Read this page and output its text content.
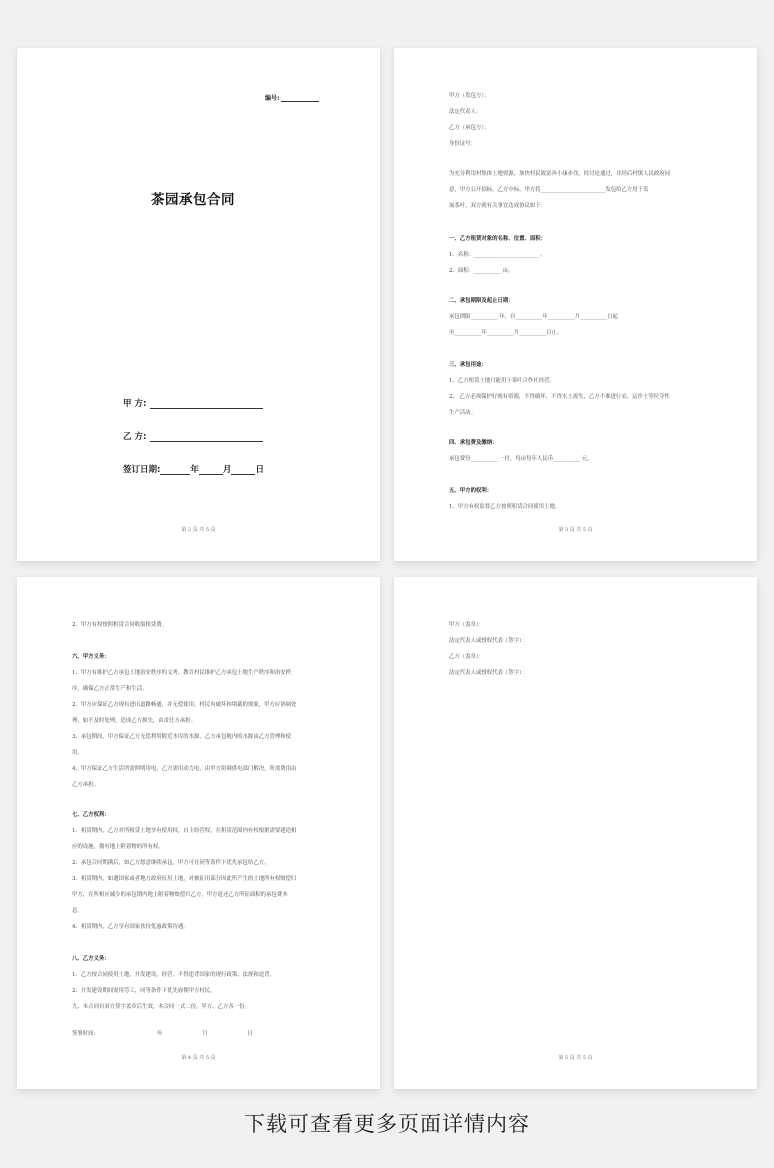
编号:
茶园承包合同
甲 方:
乙 方:
签订日期:	年	月	日
第 2 页 共 5 页
甲方（发包方）：
法定代表人：
乙方（承包方）：
身份证号：
为充分利用村集体土地资源，加快村民致富奔小康步伐，经讨论通过，并经后村镇人民政府同
意，甲方公开招标，乙方中标，甲方将________________________发包给乙方用于发
展茶叶，双方就有关事宜达成协议如下：
一、乙方租赁对象的名称、位置、面积：
1、名称：________________________ 。
2、面积：__________ 亩。
二、承包期限及起止日期：
承包期限__________ 年，自__________年__________月__________日起
至__________年__________月__________日止。
三、承包用途：
1、乙方租赁土地只能用于茶叶合作社经营。
2、 乙方必须保护好现有资源，不得破坏，不得水土流失，乙方不准进行采、运沙土等拉夺性
生产活动。
四、承包费及缴纳：
承包费每__________ 一付，每亩每年人民币__________ 元。
五、甲方的权利：
1、甲方有权监督乙方按照租赁合同使用土地。
第 3 页 共 5 页
2、甲方有权按照租赁合同收取租赁费。
六、甲方义务：
1、甲方有维护乙方承包土地治安秩序的义务，教育村民维护乙方承包土地生产秩序和治安秩
序，确保乙方正常生产和生活。
2、甲方应保证乙方现有进出道路畅通，并无偿使用。村民有破坏和堵截的现象，甲方应协调处
理，如不及时处理，造成乙方损失，由责任方承担。
3、承包期间，甲方保证乙方无偿利用附近水库的水源，乙方承包地内的水源由乙方管理和使
用。
4、甲方保证乙方生活所需照明用电，乙方需用动力电，由甲方协调供电部门解决，所需费用由
乙方承担。
七、乙方权利：
1、租赁期内，乙方对所租赁土地享有使用权，自主经营权，在租赁范围内有权根据需要建造相
应的设施，拥有地上附着物的所有权。
2、承包合同期满后，如乙方愿意继续承包，甲方可在同等条件下优先承包给乙方。
3、租赁期内，如遇国家或者地方政府征用土地，对被征用部分因此所产生的土地所有权赔偿归
甲方，在所相应减少的承包期内地上附着物赔偿归乙方，甲方退还乙方所征面积的承包费本
息。
4、租赁期内，乙方享有国家扶持优惠政策待遇。
八、乙方义务：
1、乙方按合同使用土地，开发建设，经营，不得违背国家的现行政策、法规和违背。
2、开发建设期间需用劳工，同等条件下优先雇佣甲方村民。
九、本合同自双方签字盖章后生效，本合同一式二份，甲方、乙方各一份。
签署时间:	年	月	日
第 4 页 共 5 页
甲方（盖章）：
法定代表人或授权代表（签字）：
乙方（盖章）：
法定代表人或授权代表（签字）：
第 5 页 共 5 页
下载可查看更多页面详情内容
